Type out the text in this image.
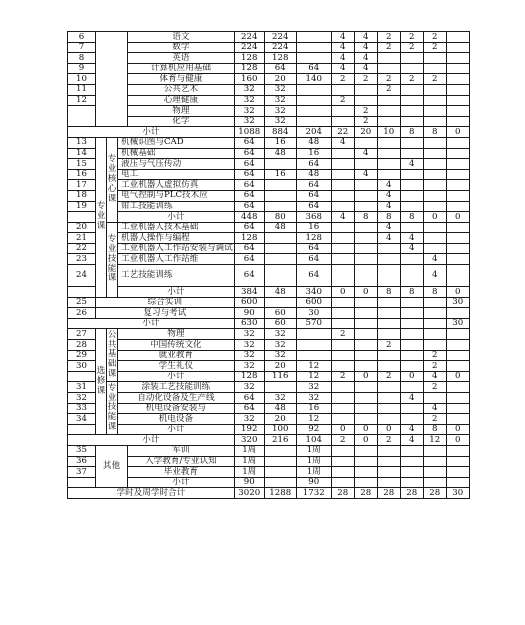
6				语文	224	224		4	4	2	2	2	
7				数学	224	224		4	4	2	2	2	
8				英语	128	128		4	4				
9				计算机应用基础	128	64	64	4	4				
10				体育与健康	160	20	140	2	2	2	2	2	
11				公共艺术	32	32				2			
12				心理健康	32	32		2					
				物理	32	32			2				
				化学	32	32			2				
小计					1088	884	204	22	20	10	8	8	0
13	专业课	专业核心课	机械识图与CAD		64	16	48	4					
14			机械基础		64	48	16		4				
15			液压与气压传动		64		64				4		
16			电工		64	16	48		4				
17			工业机器人虚拟仿真		64		64			4			
18			电气控制与PLC技术应		64		64			4			
19			钳工技能训练		64		64			4			
			小计		448	80	368	4	8	8	8	0	0
20		专业技能课	工业机器人技术基础		64	48	16			4			
21			机器人操作与编程		128		128			4	4		
22			工业机器人工作站安装与调试		64		64				4		
23			工业机器人工作站维		64		64					4	
24			工艺技能训练		64		64					4	
			小计		384	48	340	0	0	8	8	8	0
25	综合实训				600		600						30
26	复习与考试				90	60	30						
小计					630	60	570						30
27	选修课	公共基础课	物理		32	32		2					
28			中国传统文化		32	32				2			
29			就业教育		32	32						2	
30			学生礼仪		32	20	12					2	
			小计		128	116	12	2	0	2	0	4	0
31		专业技能课	涂装工艺技能训练		32		32					2	
32			自动化设备及生产线		64	32	32				4		
33			机电设备安装与		64	48	16					4	
34			机电设备		32	20	12					2	
			小计		192	100	92	0	0	0	4	8	0
小计					320	216	104	2	0	2	4	12	0
35	其他			军训	1周		1周						
36				入学教育/专业认知	1周		1周						
37				毕业教育	1周		1周						
				小计	90		90						
学时及周学时合计					3020	1288	1732	28	28	28	28	28	30
